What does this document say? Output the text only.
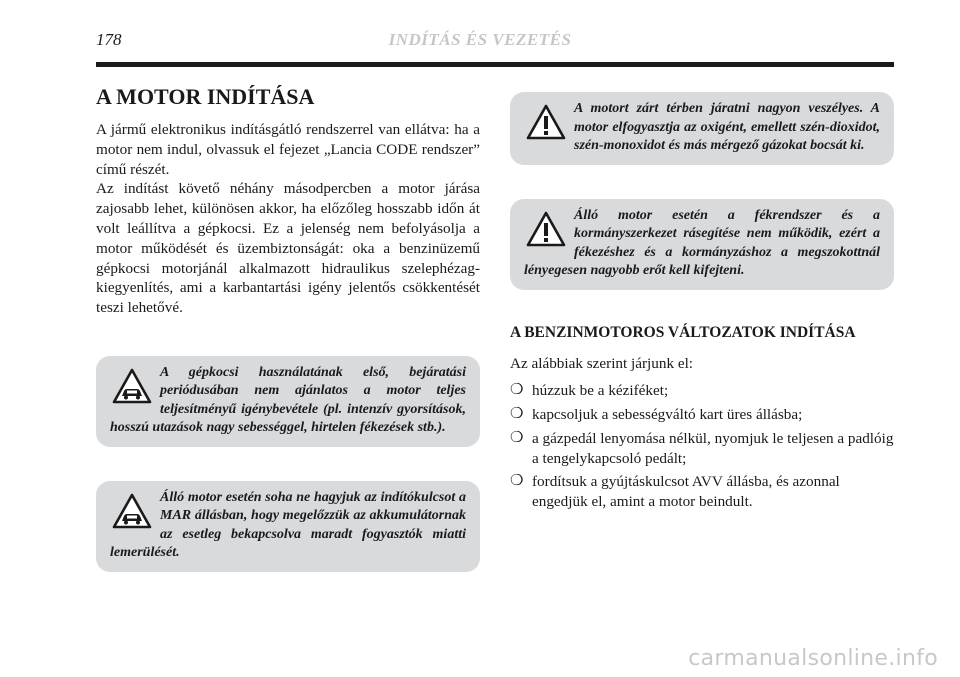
178	INDÍTÁS ÉS VEZETÉS
A MOTOR INDÍTÁSA

A jármű elektronikus indításgátló rendszerrel van ellátva: ha a motor nem indul, olvassuk el fejezet „Lancia CODE rendszer” című részét.

Az indítást követő néhány másodpercben a motor járása zajosabb lehet, különösen akkor, ha előzőleg hosszabb időn át volt leállítva a gépkocsi. Ez a jelenség nem befolyásolja a motor működését és üzembiztonságát: oka a benzinüzemű gépkocsi motorjánál alkalmazott hidraulikus szelephézag-kiegyenlítés, ami a karbantartási igény jelentős csökkentését teszi lehetővé.

A gépkocsi használatának első, bejáratási periódusában nem ajánlatos a motor teljes teljesítményű igénybevétele (pl. intenzív gyorsítások, hosszú utazások nagy sebességgel, hirtelen fékezések stb.).
Álló motor esetén soha ne hagyjuk az indítókulcsot a MAR állásban, hogy megelőzzük az akkumulátornak az esetleg bekapcsolva maradt fogyasztók miatti lemerülését.
A motort zárt térben járatni nagyon veszélyes. A motor elfogyasztja az oxigént, emellett szén-dioxidot, szén-monoxidot és más mérgező gázokat bocsát ki.
Álló motor esetén a fékrendszer és a kormányszerkezet rásegítése nem működik, ezért a fékezéshez és a kormányzáshoz a megszokottnál lényegesen nagyobb erőt kell kifejteni.
A BENZINMOTOROS VÁLTOZATOK INDÍTÁSA

Az alábbiak szerint járjunk el:

❍ húzzuk be a kéziféket;
❍ kapcsoljuk a sebességváltó kart üres állásba;
❍ a gázpedál lenyomása nélkül, nyomjuk le teljesen a padlóig a tengelykapcsoló pedált;
❍ fordítsuk a gyújtáskulcsot AVV állásba, és azonnal engedjük el, amint a motor beindult.
carmanualsonline.info
